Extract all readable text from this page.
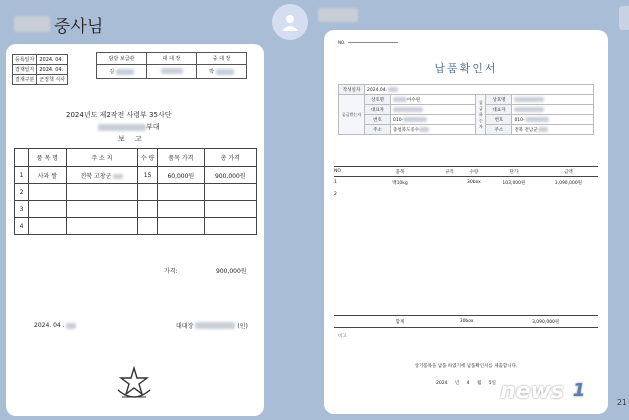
중사님
등록일자	2024. 04.
결재일자	2024. 04.
결재구분	군정책 식사
담당 보급관	대 대 장	중 대 장
김		박
2024년도 제2작전 사령부 35사단
부대
보 고
	품 목 명	주 소 지	수 량	품목 가격	총 가격
1	사과 쌀	전북 고창군	15	60,000원	900,000원
2					
3					
4					
가격:	900,000원
2024. 04 .	대대장	(인)
NO.
납품확인서
작성일자	2024.04.				
공급받는자	상호명	아수원	공급하는자	상호명	
	대표자			대표자	
	번호	010-		번호	010-
	주소	충청북도증수		주소	전북 전남군
NO	품목	규격	수량	단가	금액
1	백10kg		30box	103,000원	3,090,000원
2					
	합계		30box		3,090,000원
비고
상기품목을 납품 하였기에 납품확인서를 제출합니다.
2024 년 4 월 5일 news 1
21
